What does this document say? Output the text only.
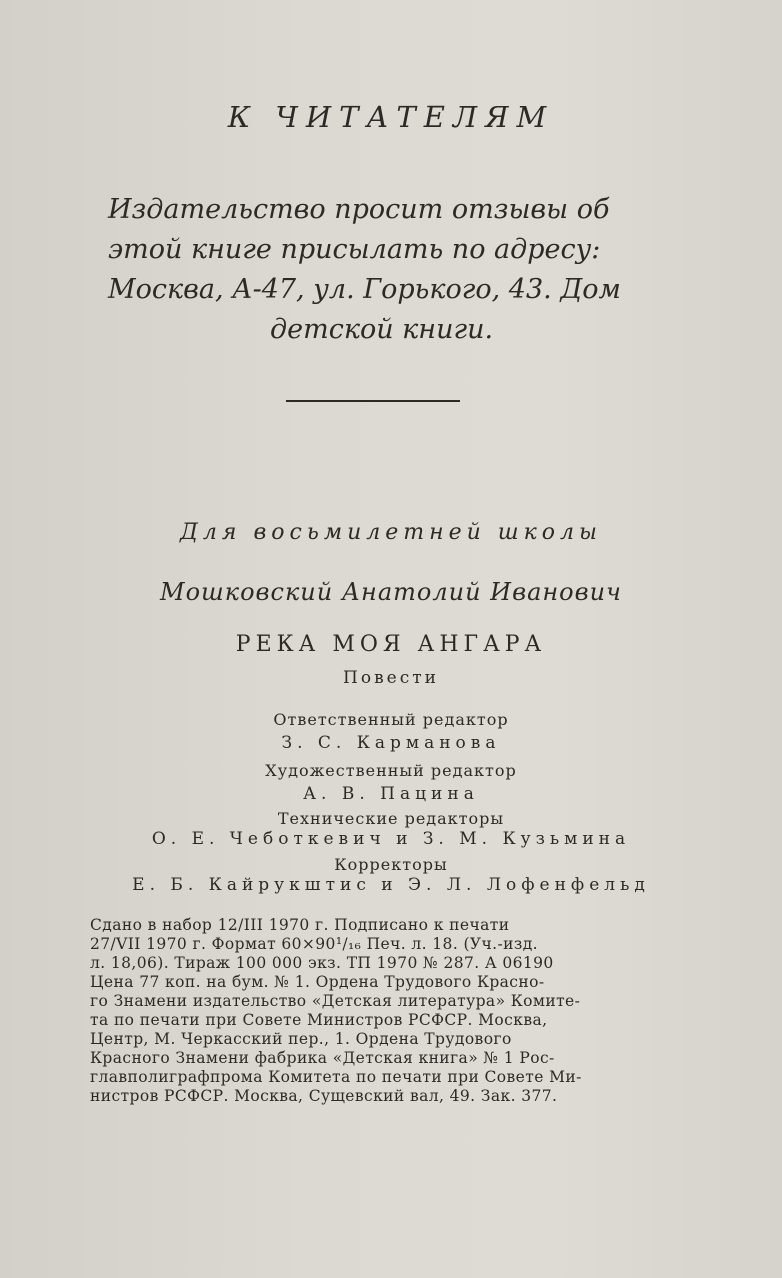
К ЧИТАТЕЛЯМ
Издательство просит отзывы об
этой книге присылать по адресу:
Москва, А-47, ул. Горького, 43. Дом
детской книги.
Для восьмилетней школы
Мошковский Анатолий Иванович
РЕКА МОЯ АНГАРА
Повести
Ответственный редактор
З. С. Карманова
Художественный редактор
А. В. Пацина
Технические редакторы
О. Е. Чеботкевич и З. М. Кузьмина
Корректоры
Е. Б. Кайрукштис и Э. Л. Лофенфельд
Сдано в набор 12/III 1970 г. Подписано к печати
27/VII 1970 г. Формат 60×90¹/₁₆ Печ. л. 18. (Уч.-изд.
л. 18,06). Тираж 100 000 экз. ТП 1970 № 287. А 06190
Цена 77 коп. на бум. № 1. Ордена Трудового Красно-
го Знамени издательство «Детская литература» Комите-
та по печати при Совете Министров РСФСР. Москва,
Центр, М. Черкасский пер., 1. Ордена Трудового
Красного Знамени фабрика «Детская книга» № 1 Рос-
главполиграфпрома Комитета по печати при Совете Ми-
нистров РСФСР. Москва, Сущевский вал, 49. Зак. 377.
